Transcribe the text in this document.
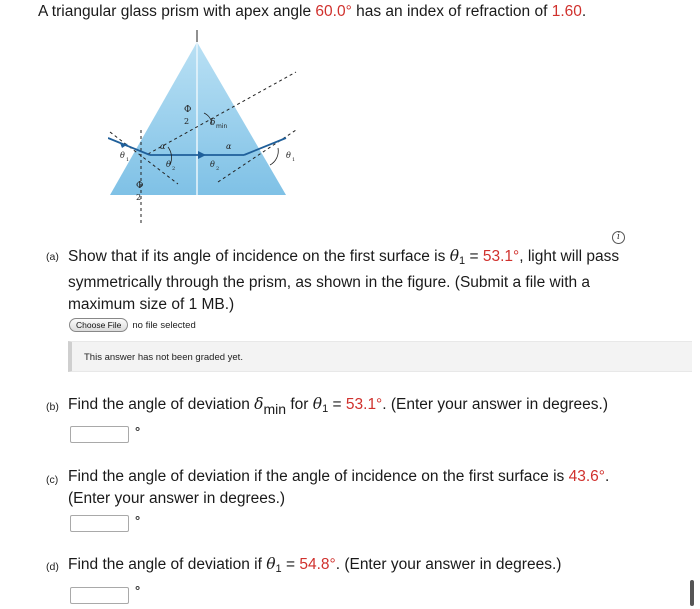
A triangular glass prism with apex angle 60.0° has an index of refraction of 1.60.
Φ
2 δ min
α	α
θ 1	θ 1
θ 2	θ 2
Φ
2
i
(a) Show that if its angle of incidence on the first surface is $\theta_1 = 53.1^\circ$, light will pass
symmetrically through the prism, as shown in the figure. (Submit a file with a
maximum size of 1 MB.)
Choose File	no file selected
This answer has not been graded yet.
(b) Find the angle of deviation δmin for $\theta_1 = 53.1^\circ$. (Enter your answer in degrees.)
°
(c) Find the angle of deviation if the angle of incidence on the first surface is 43.6°.
(Enter your answer in degrees.)
°
(d) Find the angle of deviation if $\theta_1 = 54.8^\circ$. (Enter your answer in degrees.)
°
